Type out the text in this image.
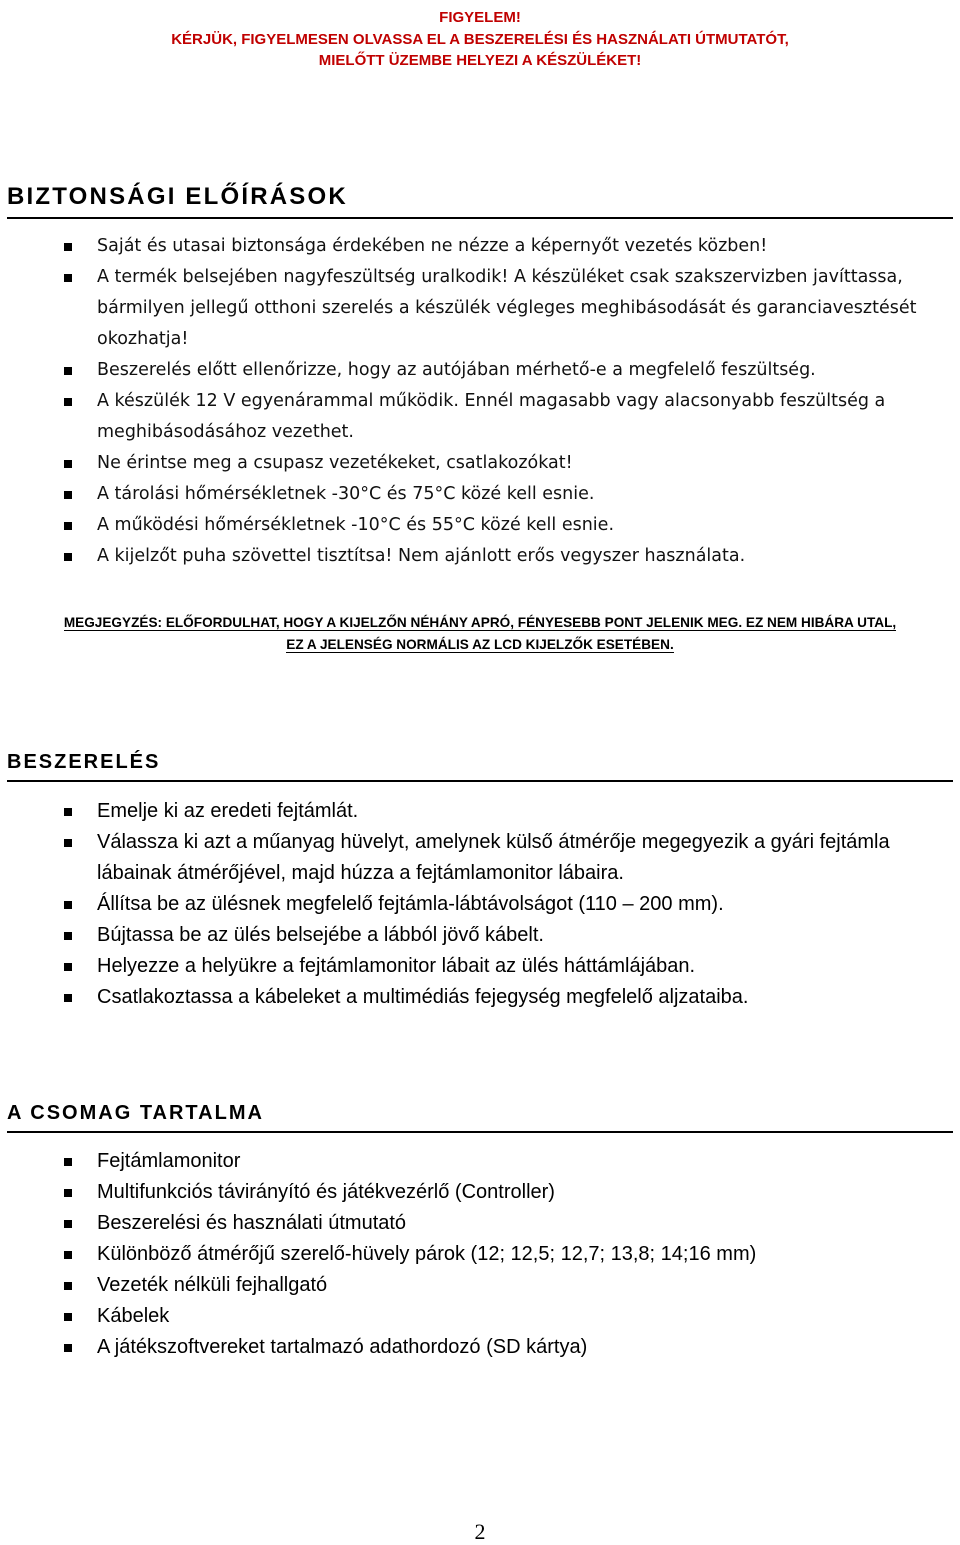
FIGYELEM!
KÉRJÜK, FIGYELMESEN OLVASSA EL A BESZERELÉSI ÉS HASZNÁLATI ÚTMUTATÓT,
MIELŐTT ÜZEMBE HELYEZI A KÉSZÜLÉKET!
BIZTONSÁGI ELŐÍRÁSOK
Saját és utasai biztonsága érdekében ne nézze a képernyőt vezetés közben!
A termék belsejében nagyfeszültség uralkodik! A készüléket csak szakszervizben javíttassa, bármilyen jellegű otthoni szerelés a készülék végleges meghibásodását és garanciavesztését okozhatja!
Beszerelés előtt ellenőrizze, hogy az autójában mérhető-e a megfelelő feszültség.
A készülék 12 V egyenárammal működik. Ennél magasabb vagy alacsonyabb feszültség a meghibásodásához vezethet.
Ne érintse meg a csupasz vezetékeket, csatlakozókat!
A tárolási hőmérsékletnek -30°C és 75°C közé kell esnie.
A működési hőmérsékletnek -10°C és 55°C közé kell esnie.
A kijelzőt puha szövettel tisztítsa! Nem ajánlott erős vegyszer használata.
MEGJEGYZÉS: ELŐFORDULHAT, HOGY A KIJELZŐN NÉHÁNY APRÓ, FÉNYESEBB PONT JELENIK MEG. EZ NEM HIBÁRA UTAL,
EZ A JELENSÉG NORMÁLIS AZ LCD KIJELZŐK ESETÉBEN.
BESZERELÉS
Emelje ki az eredeti fejtámlát.
Válassza ki azt a műanyag hüvelyt, amelynek külső átmérője megegyezik a gyári fejtámla lábainak átmérőjével, majd húzza a fejtámlamonitor lábaira.
Állítsa be az ülésnek megfelelő fejtámla-lábtávolságot (110 – 200 mm).
Bújtassa be az ülés belsejébe a lábból jövő kábelt.
Helyezze a helyükre a fejtámlamonitor lábait az ülés háttámlájában.
Csatlakoztassa a kábeleket a multimédiás fejegység megfelelő aljzataiba.
A CSOMAG TARTALMA
Fejtámlamonitor
Multifunkciós távirányító és játékvezérlő (Controller)
Beszerelési és használati útmutató
Különböző átmérőjű szerelő-hüvely párok (12; 12,5; 12,7; 13,8; 14;16 mm)
Vezeték nélküli fejhallgató
Kábelek
A játékszoftvereket tartalmazó adathordozó (SD kártya)
2
